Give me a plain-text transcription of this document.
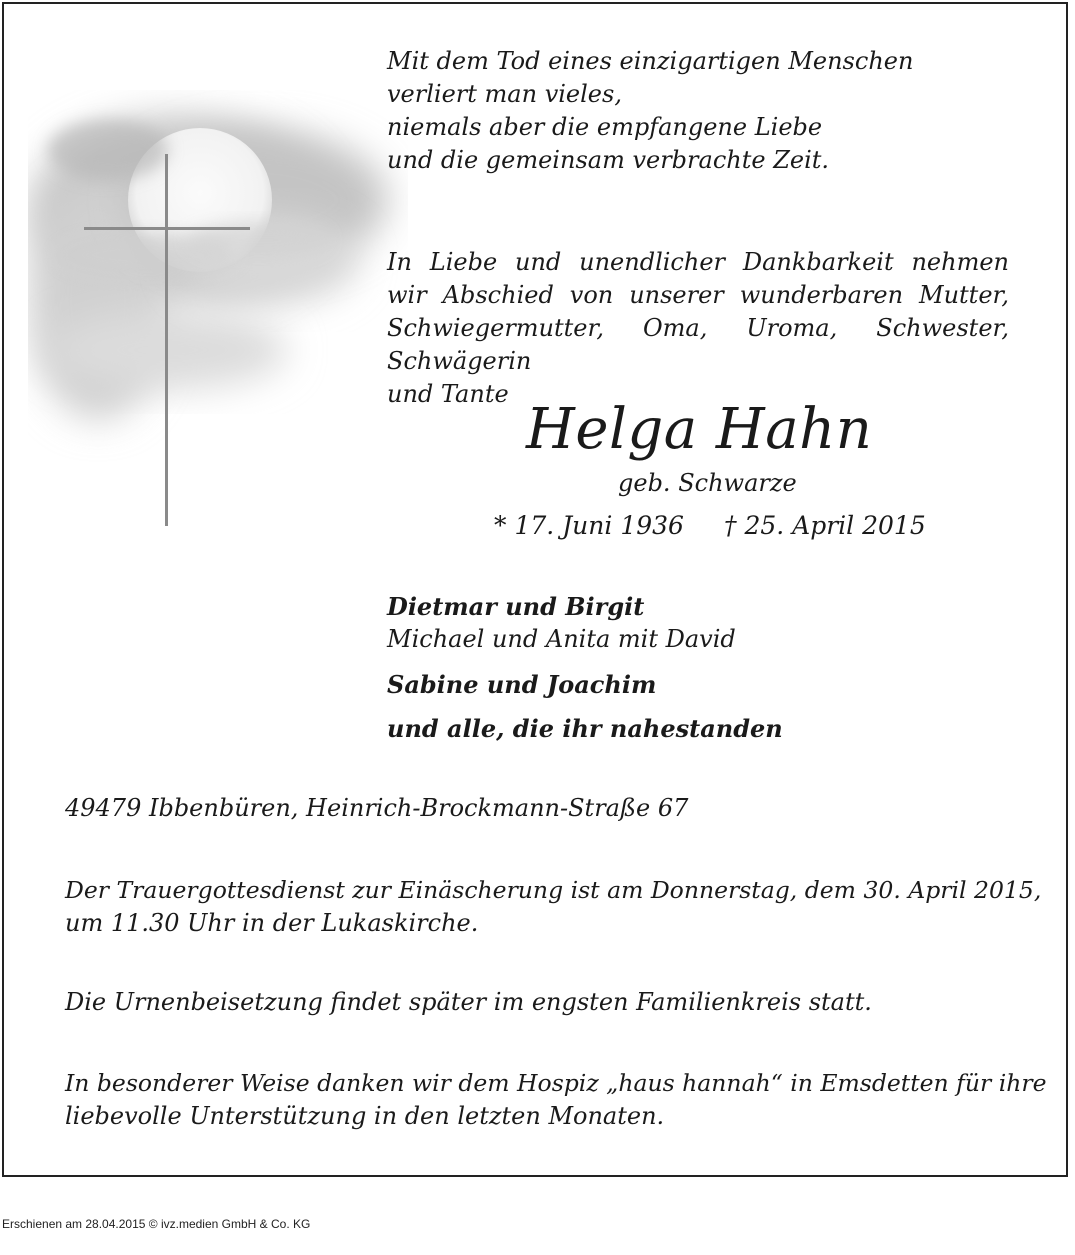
Mit dem Tod eines einzigartigen Menschen
verliert man vieles,
niemals aber die empfangene Liebe
und die gemeinsam verbrachte Zeit.
In Liebe und unendlicher Dankbarkeit nehmen
wir Abschied von unserer wunderbaren Mutter,
Schwiegermutter, Oma, Uroma, Schwester, Schwägerin
und Tante
Helga Hahn
geb. Schwarze
* 17. Juni 1936 † 25. April 2015
Dietmar und Birgit
Michael und Anita mit David
Sabine und Joachim
und alle, die ihr nahestanden
49479 Ibbenbüren, Heinrich-Brockmann-Straße 67
Der Trauergottesdienst zur Einäscherung ist am Donnerstag, dem 30. April 2015,
um 11.30 Uhr in der Lukaskirche.
Die Urnenbeisetzung findet später im engsten Familienkreis statt.
In besonderer Weise danken wir dem Hospiz „haus hannah“ in Emsdetten für ihre
liebevolle Unterstützung in den letzten Monaten.
Erschienen am 28.04.2015 © ivz.medien GmbH & Co. KG
